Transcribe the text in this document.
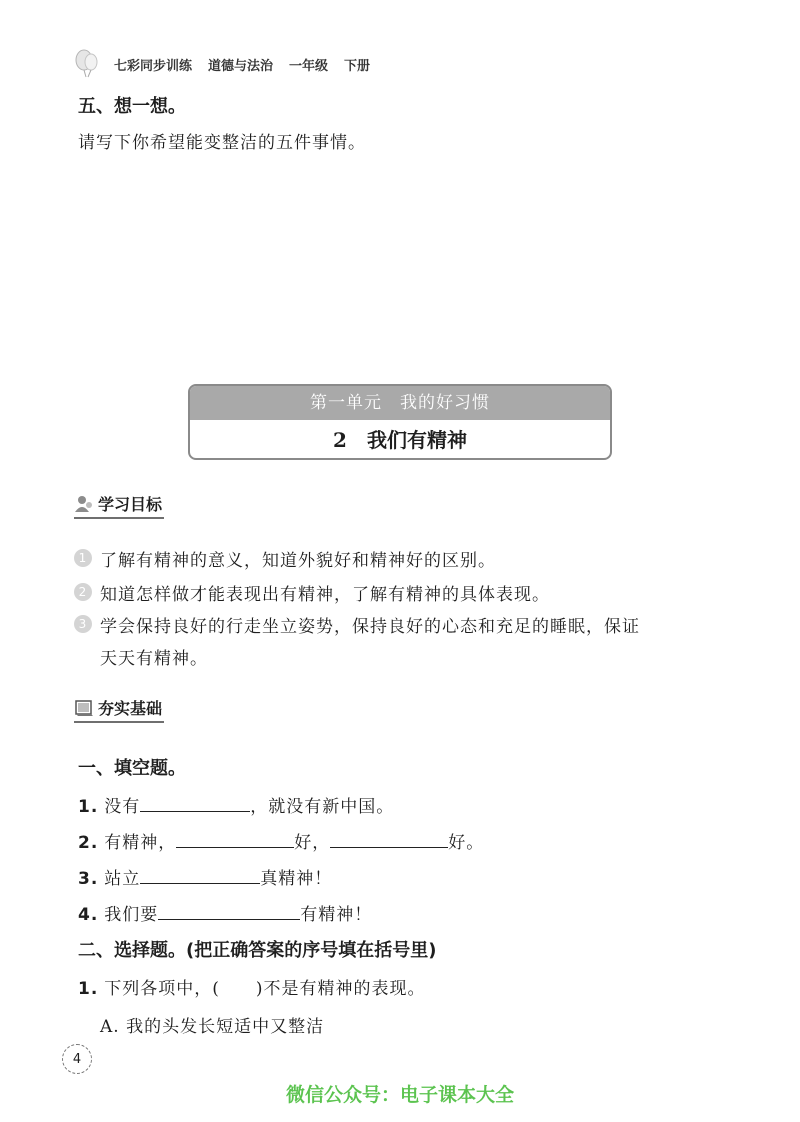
七彩同步训练 道德与法治 一年级 下册
五、想一想。
请写下你希望能变整洁的五件事情。
第一单元　我的好习惯
2　我们有精神
学习目标
1 了解有精神的意义，知道外貌好和精神好的区别。
2 知道怎样做才能表现出有精神，了解有精神的具体表现。
3 学会保持良好的行走坐立姿势，保持良好的心态和充足的睡眠，保证
天天有精神。
夯实基础
一、填空题。
1. 没有	，就没有新中国。
2. 有精神，	好，	好。
3. 站立	真精神！
4. 我们要	有精神！
二、选择题。(把正确答案的序号填在括号里)
1. 下列各项中，(　　)不是有精神的表现。
A. 我的头发长短适中又整洁
4
微信公众号：电子课本大全
